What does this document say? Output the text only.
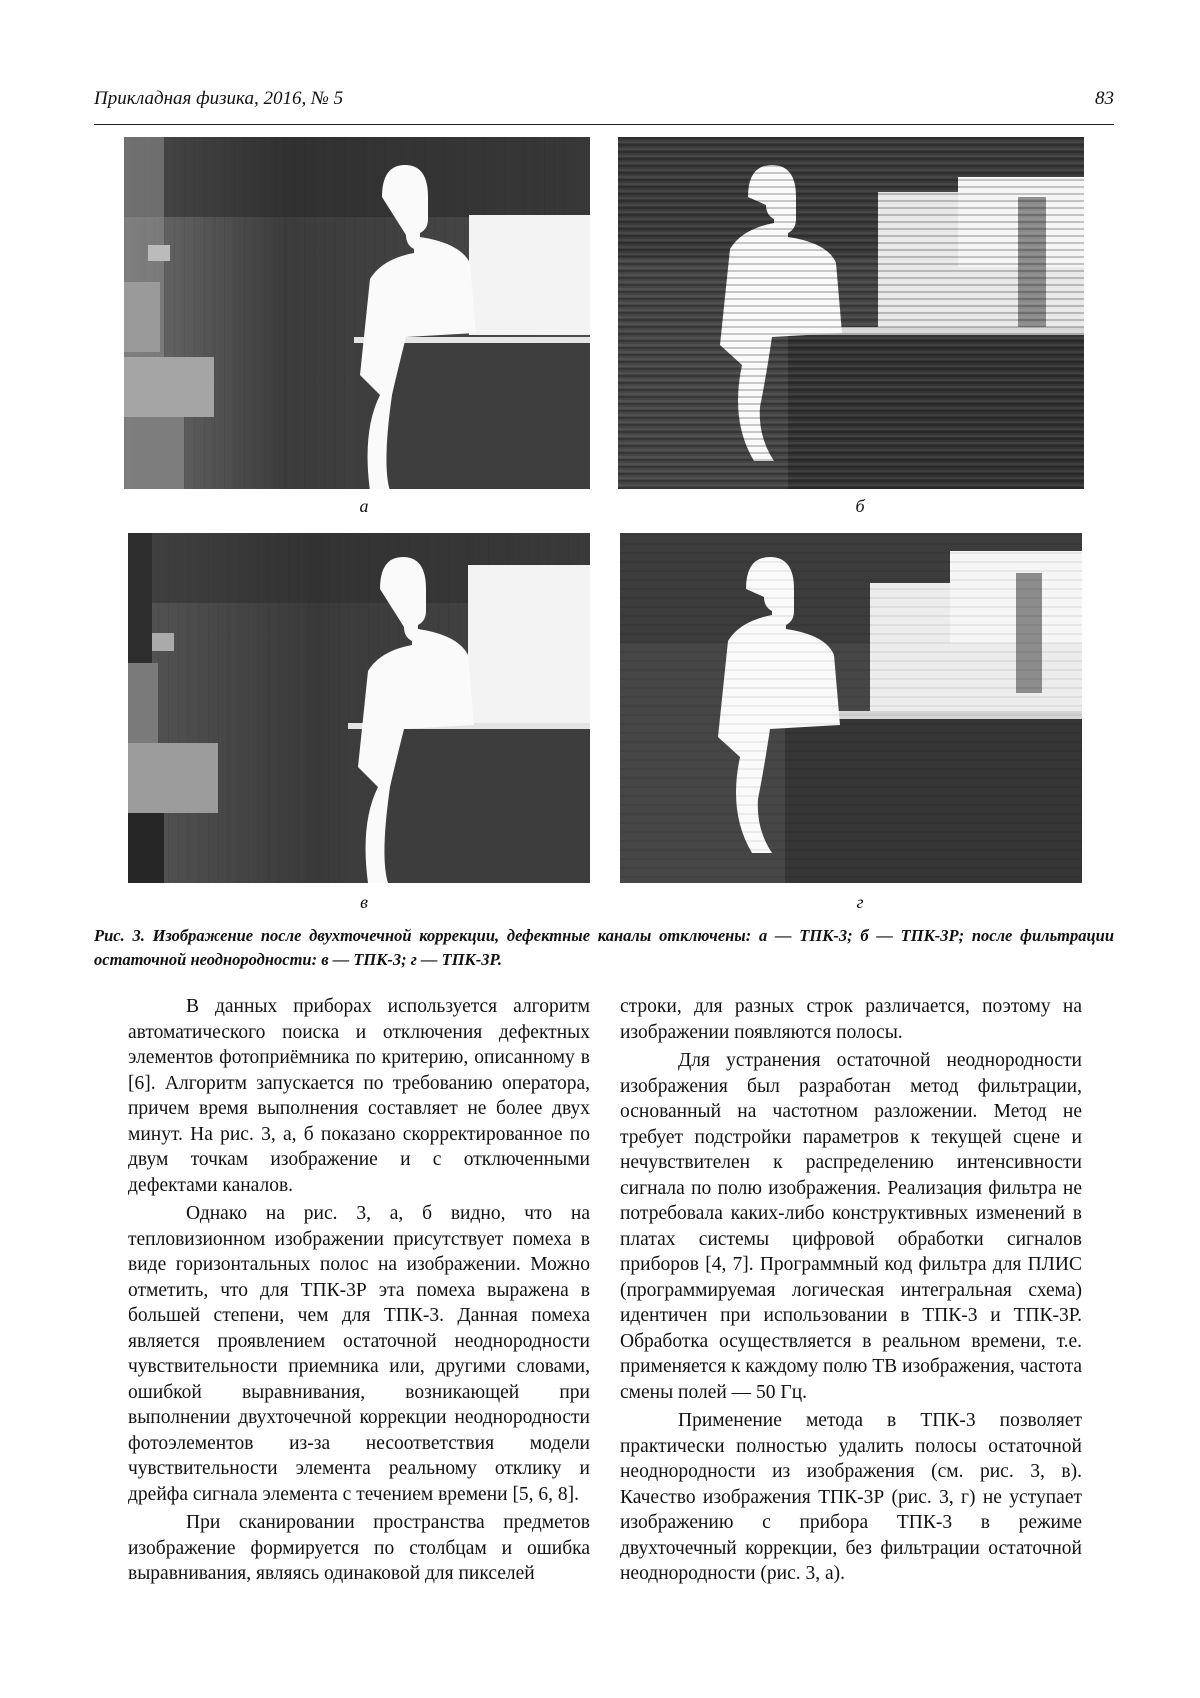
Прикладная физика, 2016, № 5	83
а	б
в	г
Рис. 3. Изображение после двухточечной коррекции, дефектные каналы отключены: а — ТПК-3; б — ТПК-3Р; после фильтрации остаточной неоднородности: в — ТПК-3; г — ТПК-3Р.

В данных приборах используется алгоритм автоматического поиска и отключения дефектных элементов фотоприёмника по критерию, описанному в [6]. Алгоритм запускается по требованию оператора, причем время выполнения составляет не более двух минут. На рис. 3, а, б показано скорректированное по двум точкам изображение и с отключенными дефектами каналов.

Однако на рис. 3, а, б видно, что на тепловизионном изображении присутствует помеха в виде горизонтальных полос на изображении. Можно отметить, что для ТПК-3Р эта помеха выражена в большей степени, чем для ТПК-3. Данная помеха является проявлением остаточной неоднородности чувствительности приемника или, другими словами, ошибкой выравнивания, возникающей при выполнении двухточечной коррекции неоднородности фотоэлементов из-за несоответствия модели чувствительности элемента реальному отклику и дрейфа сигнала элемента с течением времени [5, 6, 8].

При сканировании пространства предметов изображение формируется по столбцам и ошибка выравнивания, являясь одинаковой для пикселей

строки, для разных строк различается, поэтому на изображении появляются полосы.

Для устранения остаточной неоднородности изображения был разработан метод фильтрации, основанный на частотном разложении. Метод не требует подстройки параметров к текущей сцене и нечувствителен к распределению интенсивности сигнала по полю изображения. Реализация фильтра не потребовала каких-либо конструктивных изменений в платах системы цифровой обработки сигналов приборов [4, 7]. Программный код фильтра для ПЛИС (программируемая логическая интегральная схема) идентичен при использовании в ТПК-3 и ТПК-3Р. Обработка осуществляется в реальном времени, т.е. применяется к каждому полю ТВ изображения, частота смены полей — 50 Гц.

Применение метода в ТПК-3 позволяет практически полностью удалить полосы остаточной неоднородности из изображения (см. рис. 3, в). Качество изображения ТПК-3Р (рис. 3, г) не уступает изображению с прибора ТПК-3 в режиме двухточечный коррекции, без фильтрации остаточной неоднородности (рис. 3, а).
